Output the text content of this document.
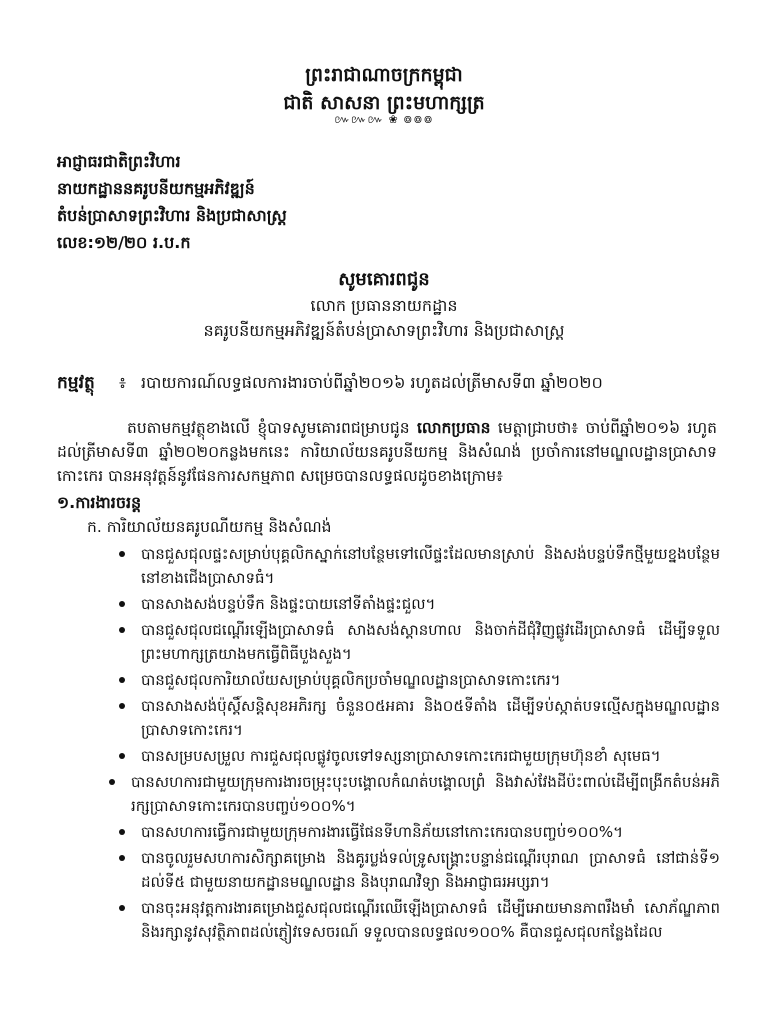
ព្រះរាជាណាចក្រកម្ពុជា
ជាតិ សាសនា ព្រះមហាក្សត្រ
៚៚៚ ❀ ៙៙៙
អាជ្ញាធរជាតិព្រះវិហារ
នាយកដ្ឋាននគរូបនីយកម្មអភិវឌ្ឍន៍
តំបន់ប្រាសាទព្រះវិហារ និងប្រជាសាស្ត្រ
លេខ:១២/២០ រ.ប.ក
សូមគោរពជូន
លោក ប្រធាននាយកដ្ឋាន
នគរូបនីយកម្មអភិវឌ្ឍន៍តំបន់ប្រាសាទព្រះវិហារ និងប្រជាសាស្ត្រ
កម្មវត្ថុ ៖ របាយការណ៍លទ្ធផលការងារចាប់ពីឆ្នាំ២០១៦ រហូតដល់ត្រីមាសទី៣ ឆ្នាំ២០២០
តបតាមកម្មវត្ថុខាងលើ ខ្ញុំបាទសូមគោរពជម្រាបជូន លោកប្រធាន មេត្តាជ្រាបថា៖ ចាប់ពីឆ្នាំ២០១៦ រហូតដល់ត្រីមាសទី៣ ឆ្នាំ២០២០កន្លងមកនេះ ការិយាល័យនគរូបនីយកម្ម និងសំណង់ ប្រចាំការនៅមណ្ឌលដ្ឋានប្រាសាទកោះកេរ បានអនុវត្តន៍នូវផែនការសកម្មភាព សម្រេចបានលទ្ធផលដូចខាងក្រោម៖
១.ការងារចរន្ត
ក. ការិយាល័យនគរូបណីយកម្ម និងសំណង់
បានជួសជុលផ្ទះសម្រាប់បុគ្គលិកស្នាក់នៅបន្ថែមទៅលើផ្ទះដែលមានស្រាប់ និងសង់បន្ទប់ទឹកថ្មីមួយខ្នងបន្ថែម នៅខាងជើងប្រាសាទធំ។
បានសាងសង់បន្ទប់ទឹក និងផ្ទះបាយនៅទីតាំងផ្ទះជួល។
បានជួសជុលជណ្ដើរឡើងប្រាសាទធំ សាងសង់ស្តានហាល និងចាក់ដីជុំវិញផ្លូវដើរប្រាសាទធំ ដើម្បីទទួលព្រះមហាក្សត្រយាងមកធ្វើពិធីបួងសួង។
បានជួសជុលការិយាល័យសម្រាប់បុគ្គលិកប្រចាំមណ្ឌលដ្ឋានប្រាសាទកោះកេរ។
បានសាងសង់ប៉ុស្តិ៍សន្តិសុខអភិរក្ស ចំនួន០៥អគារ និង០៥ទីតាំង ដើម្បីទប់ស្កាត់បទល្មើសក្នុងមណ្ឌលដ្ឋានប្រាសាទកោះកេរ។
បានសម្របសម្រួល ការជួសជុលផ្លូវចូលទៅទស្សនាប្រាសាទកោះកេរជាមួយក្រុមហ៊ុនខាំ សុមេធ។
បានសហការជាមួយក្រុមការងារចម្រុះបុះបង្គោលកំណត់បង្គោលព្រំ និងវាស់វែងដីប៉ះពាល់ដើម្បីពង្រីកតំបន់អភិរក្សប្រាសាទកោះកេរបានបញ្ចប់១០០%។
បានសហការធ្វើការជាមួយក្រុមការងារធ្វើផែនទីហានិភ័យនៅកោះកេរបានបញ្ចប់១០០%។
បានចូលរួមសហការសិក្សាគម្រោង និងគូរប្លង់ទល់ទ្រូសង្គ្រោះបន្ទាន់ជណ្ដើរបុរាណ ប្រាសាទធំ នៅជាន់ទី១ ដល់ទី៥ ជាមួយនាយកដ្ឋានមណ្ឌលដ្ឋាន និងបុរាណវិទ្យា និងអាជ្ញាធរអប្សរា។
បានចុះអនុវត្តការងារគម្រោងជួសជុលជណ្ដើរឈើឡើងប្រាសាទធំ ដើម្បីអោយមានភាពរឹងមាំ សោភ័ណ្ឌភាព និងរក្សានូវសុវត្ថិភាពដល់ភ្ញៀវទេសចរណ៍ ទទួលបានលទ្ធផល១០០% គឺបានជួសជុលកន្លែងដែល
